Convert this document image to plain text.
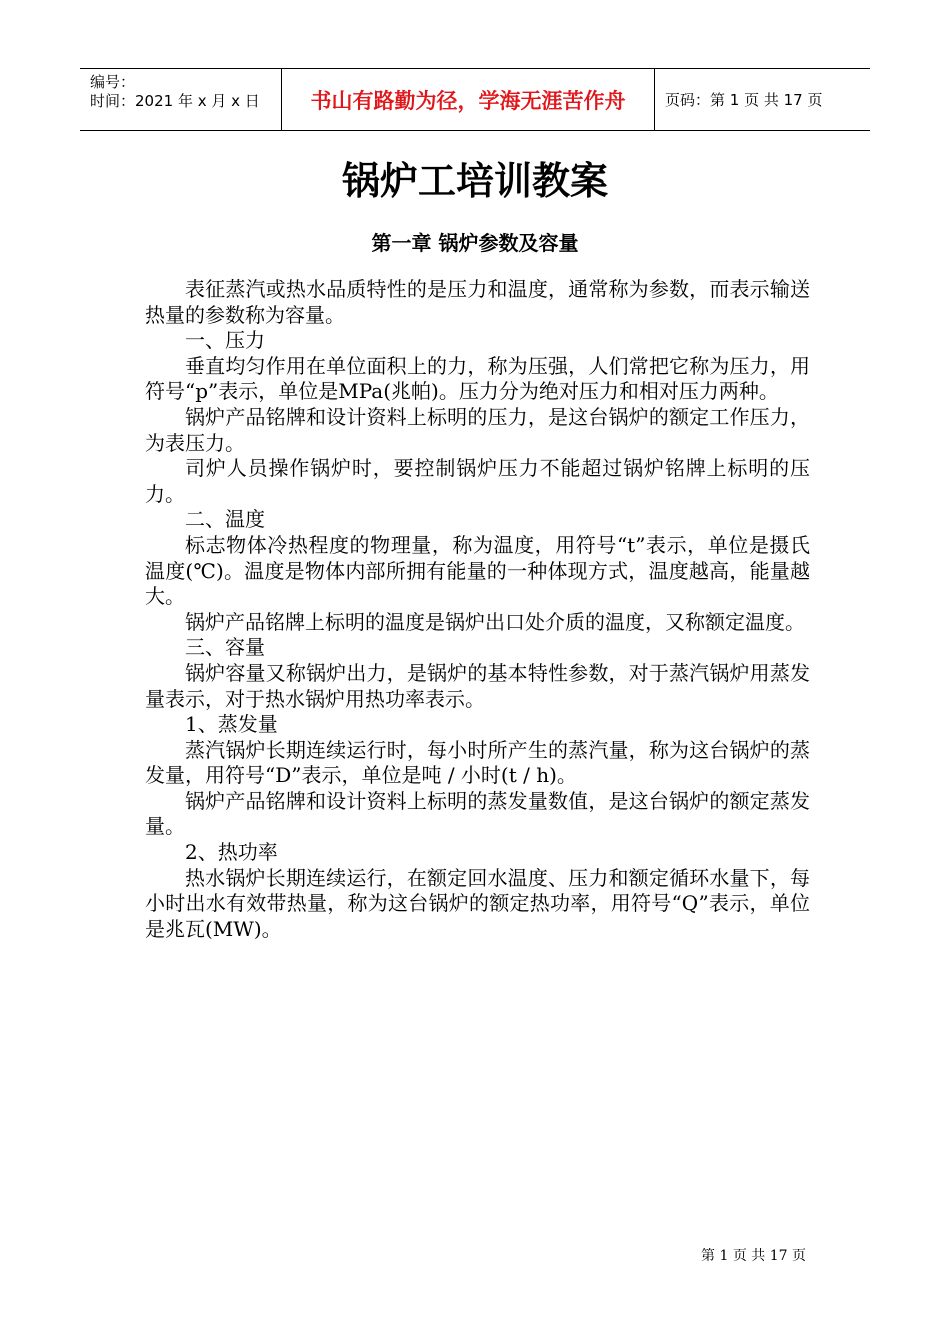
编号：
时间：2021 年 x 月 x 日	书山有路勤为径，学海无涯苦作舟	页码：第 1 页 共 17 页
锅炉工培训教案
第一章 锅炉参数及容量

表征蒸汽或热水品质特性的是压力和温度，通常称为参数，而表示输送热量的参数称为容量。

一、压力

垂直均匀作用在单位面积上的力，称为压强，人们常把它称为压力，用符号“p”表示，单位是MPa(兆帕)。压力分为绝对压力和相对压力两种。

锅炉产品铭牌和设计资料上标明的压力，是这台锅炉的额定工作压力，为表压力。

司炉人员操作锅炉时，要控制锅炉压力不能超过锅炉铭牌上标明的压力。

二、温度

标志物体冷热程度的物理量，称为温度，用符号“t”表示，单位是摄氏温度(℃)。温度是物体内部所拥有能量的一种体现方式，温度越高，能量越大。

锅炉产品铭牌上标明的温度是锅炉出口处介质的温度，又称额定温度。

三、容量

锅炉容量又称锅炉出力，是锅炉的基本特性参数，对于蒸汽锅炉用蒸发量表示，对于热水锅炉用热功率表示。

1、蒸发量

蒸汽锅炉长期连续运行时，每小时所产生的蒸汽量，称为这台锅炉的蒸发量，用符号“D”表示，单位是吨 / 小时(t / h)。

锅炉产品铭牌和设计资料上标明的蒸发量数值，是这台锅炉的额定蒸发量。

2、热功率

热水锅炉长期连续运行，在额定回水温度、压力和额定循环水量下，每小时出水有效带热量，称为这台锅炉的额定热功率，用符号“Q”表示，单位是兆瓦(MW)。

第 1 页 共 17 页
